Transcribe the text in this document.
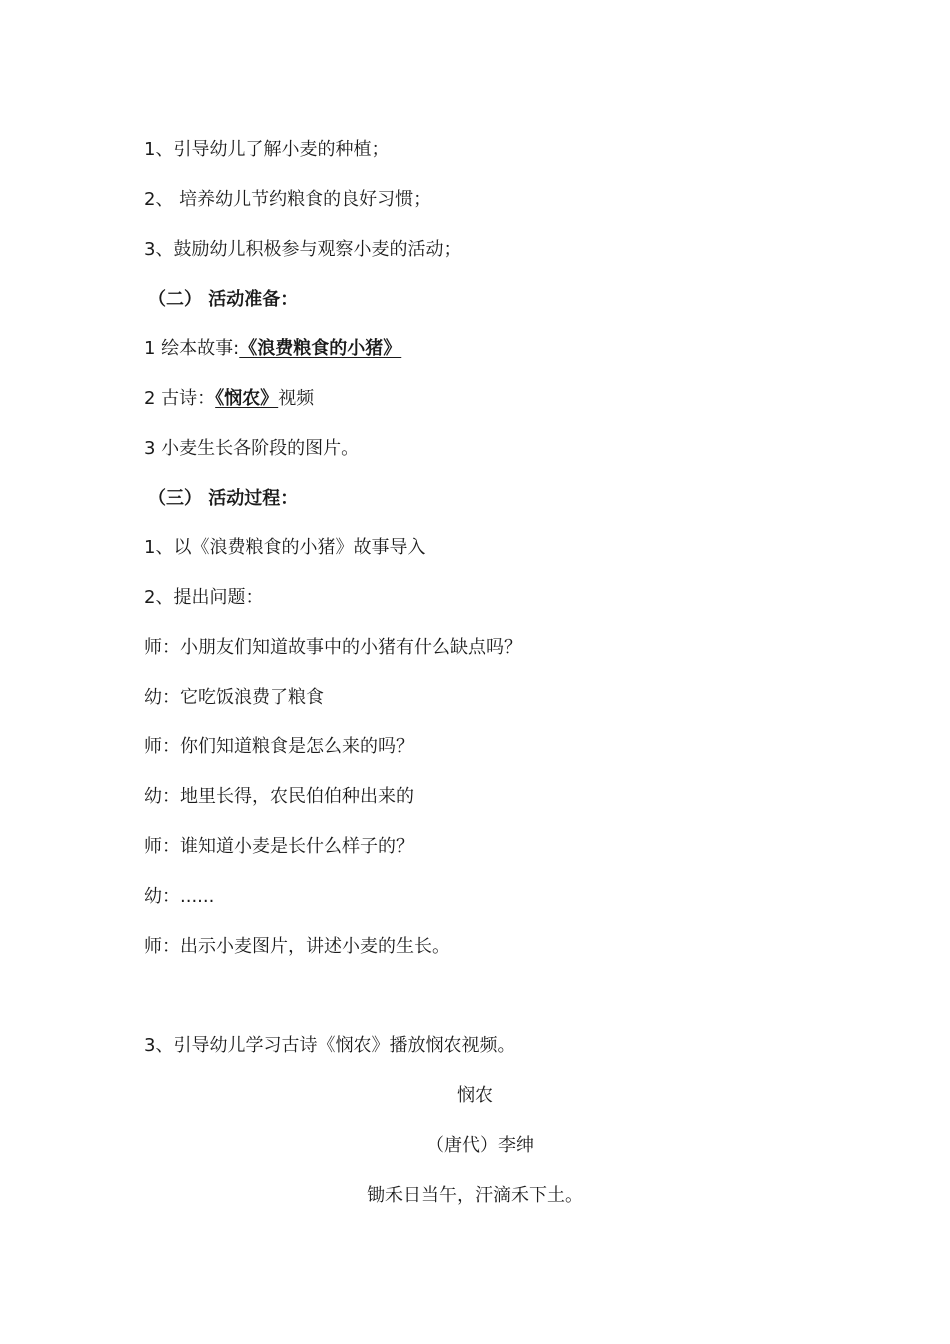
1、引导幼儿了解小麦的种植；
2、 培养幼儿节约粮食的良好习惯；
3、鼓励幼儿积极参与观察小麦的活动；
（二） 活动准备：
1 绘本故事:《浪费粮食的小猪》
2 古诗：《悯农》视频
3 小麦生长各阶段的图片。
（三） 活动过程：
1、以《浪费粮食的小猪》故事导入
2、提出问题：
师：小朋友们知道故事中的小猪有什么缺点吗？
幼：它吃饭浪费了粮食
师：你们知道粮食是怎么来的吗？
幼：地里长得，农民伯伯种出来的
师：谁知道小麦是长什么样子的？
幼：......
师：出示小麦图片，讲述小麦的生长。
3、引导幼儿学习古诗《悯农》播放悯农视频。
悯农
（唐代）李绅
锄禾日当午，汗滴禾下土。
